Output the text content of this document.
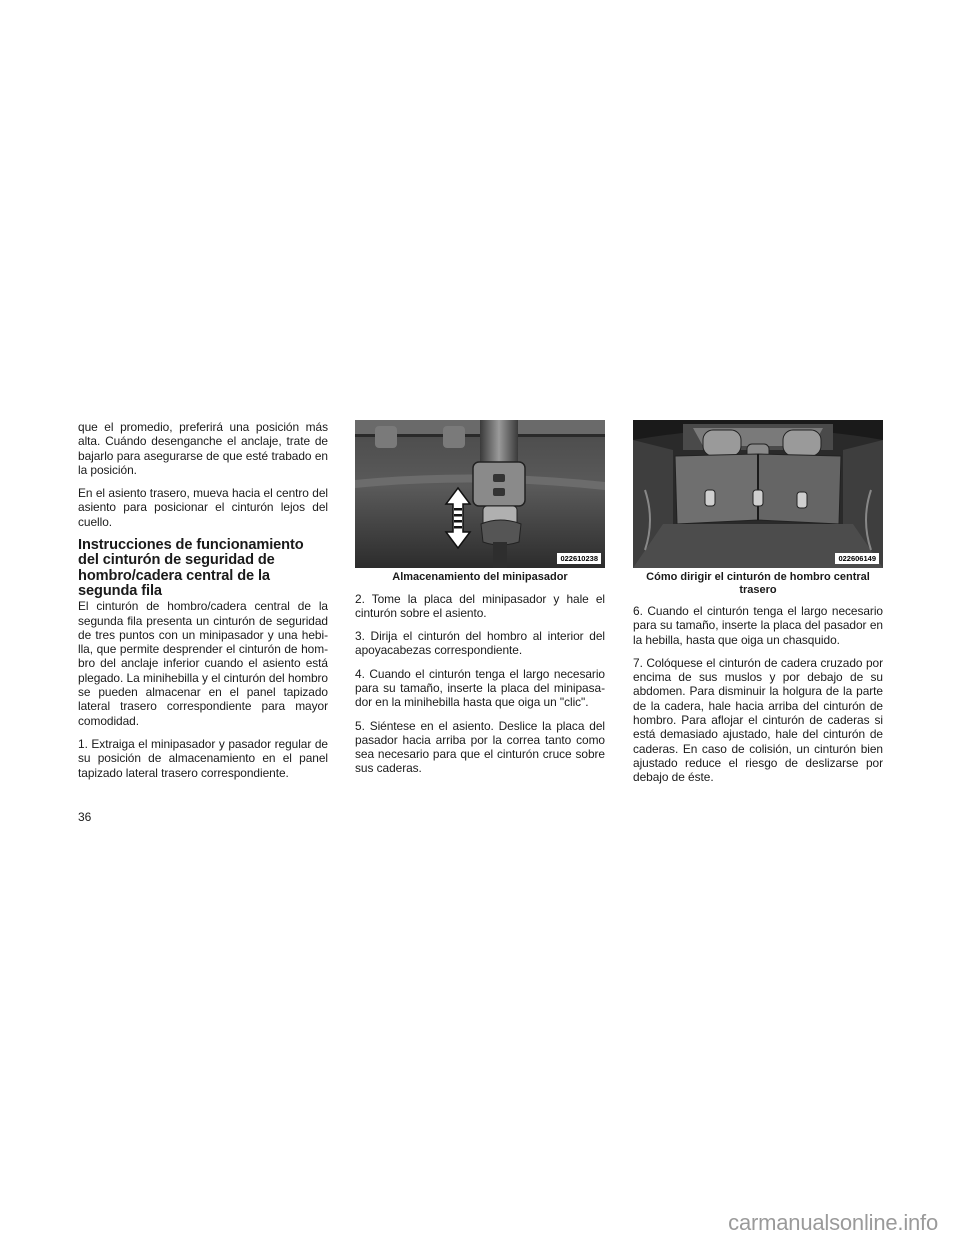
que el promedio, preferirá una posición más alta. Cuándo desenganche el anclaje, trate de bajarlo para asegurarse de que esté trabado en la posición.

En el asiento trasero, mueva hacia el centro del asiento para posicionar el cinturón lejos del cuello.

Instrucciones de funcionamiento del cinturón de seguridad de hombro/cadera central de la segunda fila

El cinturón de hombro/cadera central de la segunda fila presenta un cinturón de seguridad de tres puntos con un minipasador y una hebi-lla, que permite desprender el cinturón de hom-bro del anclaje inferior cuando el asiento está plegado. La minihebilla y el cinturón del hombro se pueden almacenar en el panel tapizado lateral trasero correspondiente para mayor comodidad.

1. Extraiga el minipasador y pasador regular de su posición de almacenamiento en el panel tapizado lateral trasero correspondiente.

022610238
Almacenamiento del minipasador

2. Tome la placa del minipasador y hale el cinturón sobre el asiento.

3. Dirija el cinturón del hombro al interior del apoyacabezas correspondiente.

4. Cuando el cinturón tenga el largo necesario para su tamaño, inserte la placa del minipasa-dor en la minihebilla hasta que oiga un "clic".

5. Siéntese en el asiento. Deslice la placa del pasador hacia arriba por la correa tanto como sea necesario para que el cinturón cruce sobre sus caderas.

022606149
Cómo dirigir el cinturón de hombro central trasero

6. Cuando el cinturón tenga el largo necesario para su tamaño, inserte la placa del pasador en la hebilla, hasta que oiga un chasquido.

7. Colóquese el cinturón de cadera cruzado por encima de sus muslos y por debajo de su abdomen. Para disminuir la holgura de la parte de la cadera, hale hacia arriba del cinturón de hombro. Para aflojar el cinturón de caderas si está demasiado ajustado, hale del cinturón de caderas. En caso de colisión, un cinturón bien ajustado reduce el riesgo de deslizarse por debajo de éste.

36
carmanualsonline.info
